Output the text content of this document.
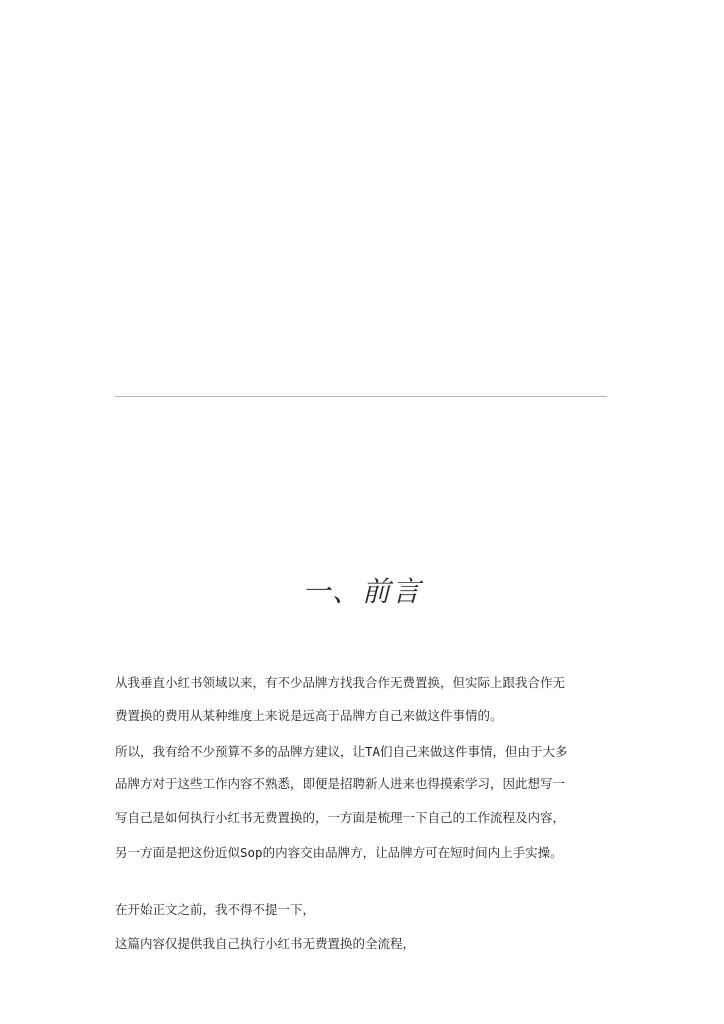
一、前言
从我垂直小红书领域以来，有不少品牌方找我合作无费置换，但实际上跟我合作无
费置换的费用从某种维度上来说是远高于品牌方自己来做这件事情的。
所以，我有给不少预算不多的品牌方建议，让TA们自己来做这件事情，但由于大多
品牌方对于这些工作内容不熟悉，即便是招聘新人进来也得摸索学习，因此想写一
写自己是如何执行小红书无费置换的，一方面是梳理一下自己的工作流程及内容，
另一方面是把这份近似Sop的内容交由品牌方，让品牌方可在短时间内上手实操。
在开始正文之前，我不得不提一下，
这篇内容仅提供我自己执行小红书无费置换的全流程，
